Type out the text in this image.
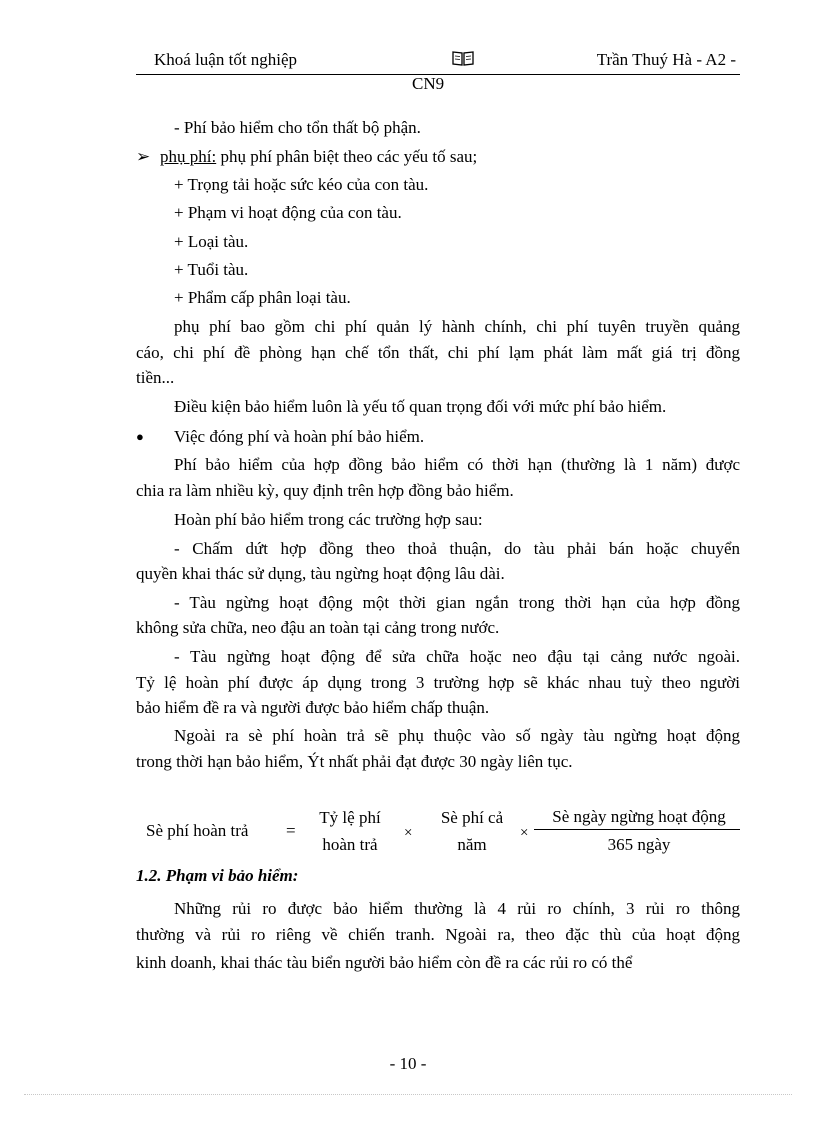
Khoá luận tốt nghiệp	Trần Thuý Hà - A2 -
CN9
- Phí bảo hiểm cho tổn thất bộ phận.
➢ phụ phí: phụ phí phân biệt theo các yếu tố sau;
+ Trọng tải hoặc sức kéo của con tàu.
+ Phạm vi hoạt động của con tàu.
+ Loại tàu.
+ Tuổi tàu.
+ Phẩm cấp phân loại tàu.
phụ phí bao gồm chi phí quản lý hành chính, chi phí tuyên truyền quảng
cáo, chi phí đề phòng hạn chế tổn thất, chi phí lạm phát làm mất giá trị đồng
tiền...
Điều kiện bảo hiểm luôn là yếu tố quan trọng đối với mức phí bảo hiểm.
● Việc đóng phí và hoàn phí bảo hiểm.
Phí bảo hiểm của hợp đồng bảo hiểm có thời hạn (thường là 1 năm) được
chia ra làm nhiều kỳ, quy định trên hợp đồng bảo hiểm.
Hoàn phí bảo hiểm trong các trường hợp sau:
- Chấm dứt hợp đồng theo thoả thuận, do tàu phải bán hoặc chuyển
quyền khai thác sử dụng, tàu ngừng hoạt động lâu dài.
- Tàu ngừng hoạt động một thời gian ngắn trong thời hạn của hợp đồng
không sửa chữa, neo đậu an toàn tại cảng trong nước.
- Tàu ngừng hoạt động để sửa chữa hoặc neo đậu tại cảng nước ngoài.
Tỷ lệ hoàn phí được áp dụng trong 3 trường hợp sẽ khác nhau tuỳ theo người
bảo hiểm đề ra và người được bảo hiểm chấp thuận.
Ngoài ra sè phí hoàn trả sẽ phụ thuộc vào số ngày tàu ngừng hoạt động
trong thời hạn bảo hiểm, Ýt nhất phải đạt được 30 ngày liên tục.
Sè phí hoàn trả =
Tỷ lệ phí
hoàn trả
×
Sè phí cả
năm
×
Sè ngày ngừng hoạt động
365 ngày
1.2. Phạm vi bảo hiểm:
Những rủi ro được bảo hiểm thường là 4 rủi ro chính, 3 rủi ro thông
thường và rủi ro riêng về chiến tranh. Ngoài ra, theo đặc thù của hoạt động
kinh doanh, khai thác tàu biển người bảo hiểm còn đề ra các rủi ro có thể
- 10 -
